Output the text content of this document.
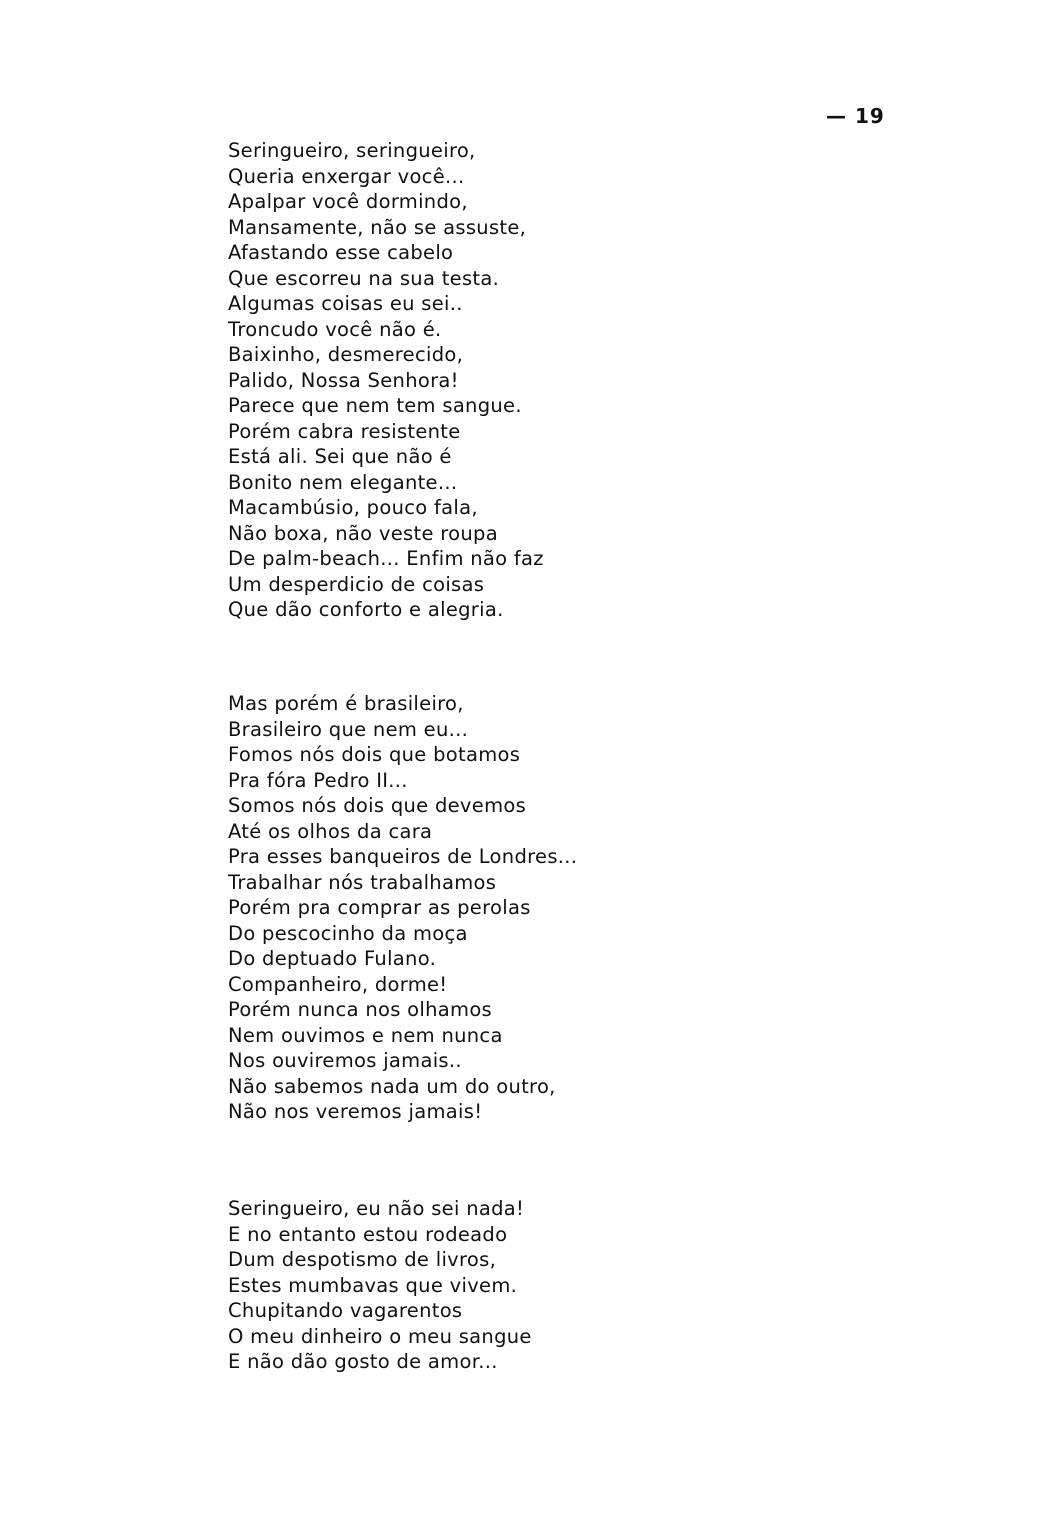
— 19
Seringueiro, seringueiro,
Queria enxergar você...
Apalpar você dormindo,
Mansamente, não se assuste,
Afastando esse cabelo
Que escorreu na sua testa.
Algumas coisas eu sei..
Troncudo você não é.
Baixinho, desmerecido,
Palido, Nossa Senhora!
Parece que nem tem sangue.
Porém cabra resistente
Está ali. Sei que não é
Bonito nem elegante...
Macambúsio, pouco fala,
Não boxa, não veste roupa
De palm-beach... Enfim não faz
Um desperdicio de coisas
Que dão conforto e alegria.
Mas porém é brasileiro,
Brasileiro que nem eu...
Fomos nós dois que botamos
Pra fóra Pedro II...
Somos nós dois que devemos
Até os olhos da cara
Pra esses banqueiros de Londres...
Trabalhar nós trabalhamos
Porém pra comprar as perolas
Do pescocinho da moça
Do deptuado Fulano.
Companheiro, dorme!
Porém nunca nos olhamos
Nem ouvimos e nem nunca
Nos ouviremos jamais..
Não sabemos nada um do outro,
Não nos veremos jamais!
Seringueiro, eu não sei nada!
E no entanto estou rodeado
Dum despotismo de livros,
Estes mumbavas que vivem.
Chupitando vagarentos
O meu dinheiro o meu sangue
E não dão gosto de amor...
